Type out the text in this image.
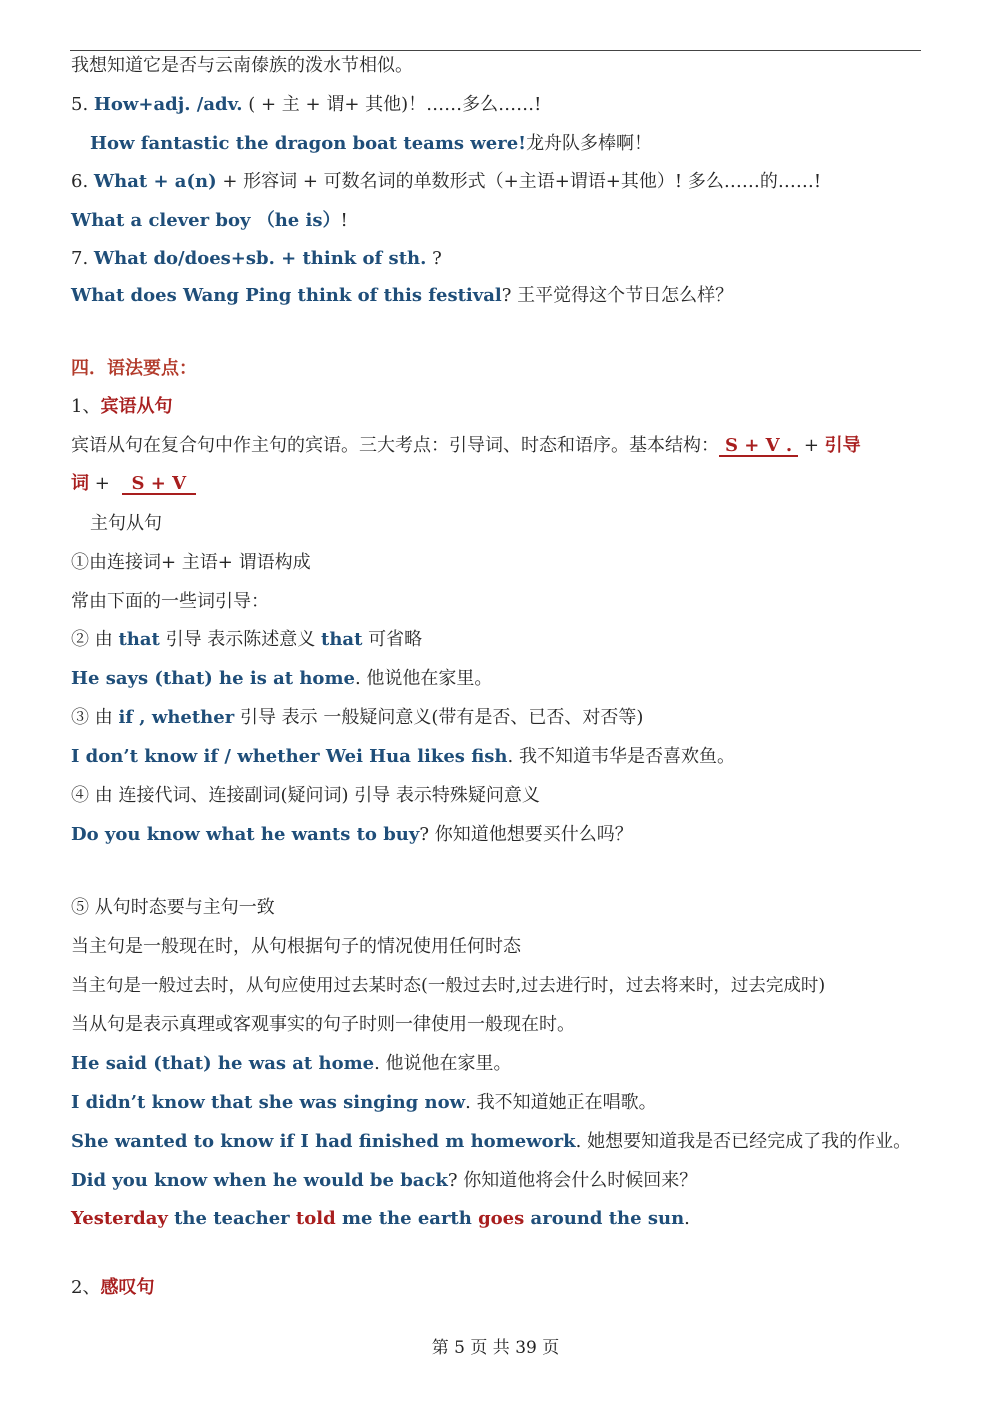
我想知道它是否与云南傣族的泼水节相似。
5. How+adj. /adv. ( + 主 + 谓+ 其他)！……多么……!
How fantastic the dragon boat teams were!龙舟队多棒啊！
6. What + a(n) + 形容词 + 可数名词的单数形式（+主语+谓语+其他）! 多么……的……!
What a clever boy （he is）!
7. What do/does+sb. + think of sth. ?
What does Wang Ping think of this festival? 王平觉得这个节日怎么样？
四．语法要点：
1、宾语从句
宾语从句在复合句中作主句的宾语。三大考点：引导词、时态和语序。基本结构： S + V . + 引导
词 + S + V
主句从句
①由连接词+ 主语+ 谓语构成
常由下面的一些词引导：
② 由 that 引导 表示陈述意义 that 可省略
He says (that) he is at home. 他说他在家里。
③ 由 if , whether 引导 表示 一般疑问意义(带有是否、已否、对否等)
I don’t know if / whether Wei Hua likes fish. 我不知道韦华是否喜欢鱼。
④ 由 连接代词、连接副词(疑问词) 引导 表示特殊疑问意义
Do you know what he wants to buy? 你知道他想要买什么吗？
⑤ 从句时态要与主句一致
当主句是一般现在时，从句根据句子的情况使用任何时态
当主句是一般过去时，从句应使用过去某时态(一般过去时,过去进行时，过去将来时，过去完成时)
当从句是表示真理或客观事实的句子时则一律使用一般现在时。
He said (that) he was at home. 他说他在家里。
I didn’t know that she was singing now. 我不知道她正在唱歌。
She wanted to know if I had finished m homework. 她想要知道我是否已经完成了我的作业。
Did you know when he would be back? 你知道他将会什么时候回来？
Yesterday the teacher told me the earth goes around the sun.
2、感叹句
第 5 页 共 39 页
